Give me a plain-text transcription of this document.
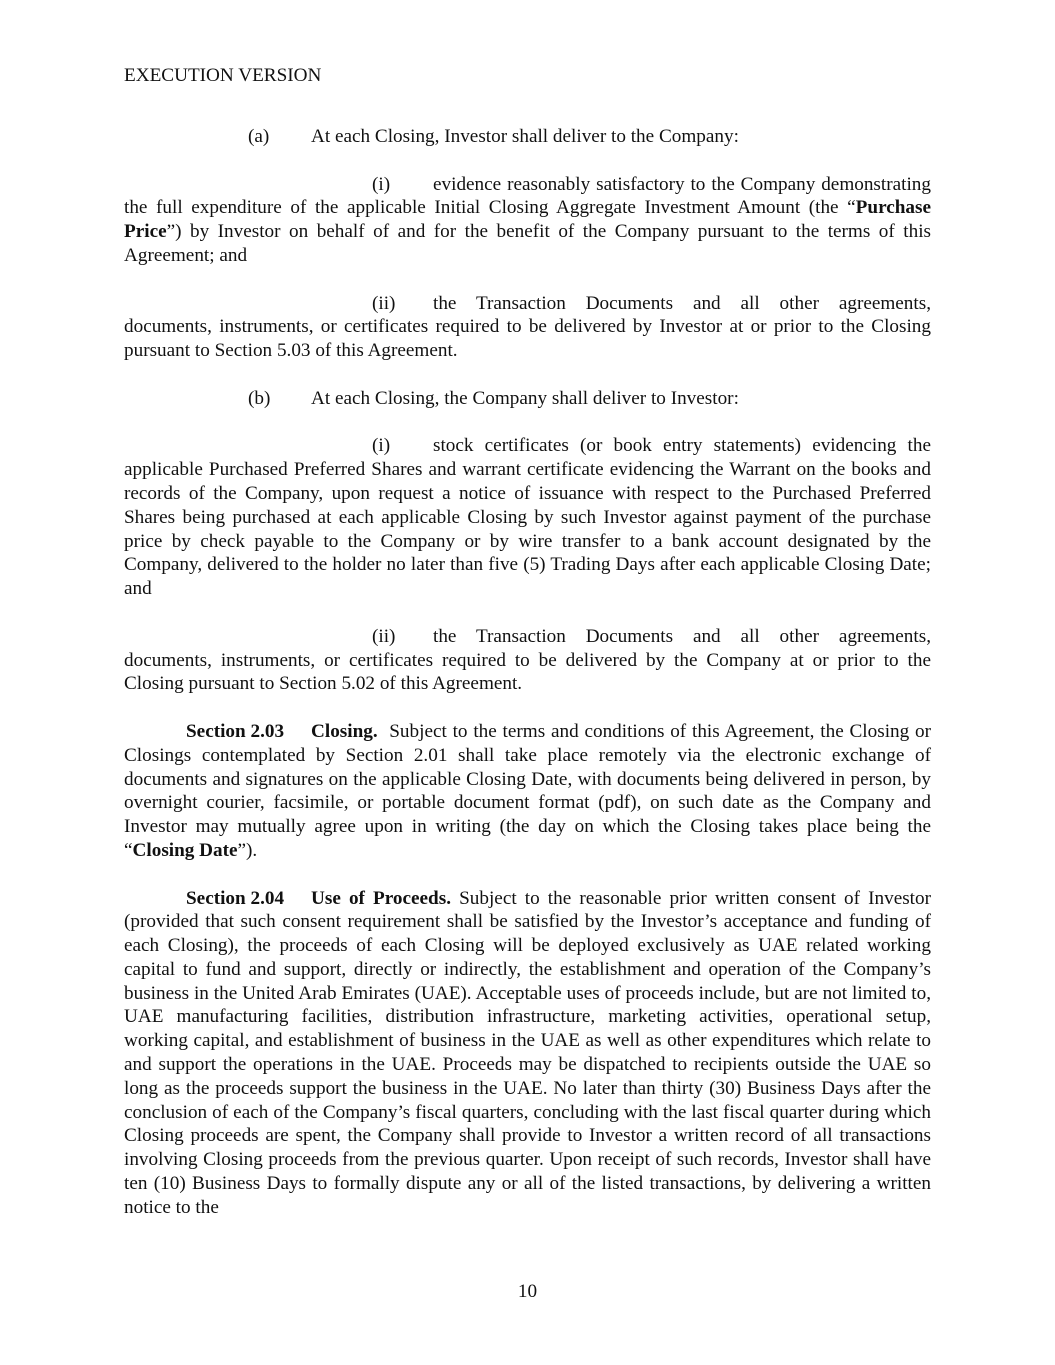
EXECUTION VERSION

(a) At each Closing, Investor shall deliver to the Company:

(i) evidence reasonably satisfactory to the Company demonstrating the full expenditure of the applicable Initial Closing Aggregate Investment Amount (the “Purchase Price”) by Investor on behalf of and for the benefit of the Company pursuant to the terms of this Agreement; and

(ii) the Transaction Documents and all other agreements, documents, instruments, or certificates required to be delivered by Investor at or prior to the Closing pursuant to Section 5.03 of this Agreement.

(b) At each Closing, the Company shall deliver to Investor:

(i) stock certificates (or book entry statements) evidencing the applicable Purchased Preferred Shares and warrant certificate evidencing the Warrant on the books and records of the Company, upon request a notice of issuance with respect to the Purchased Preferred Shares being purchased at each applicable Closing by such Investor against payment of the purchase price by check payable to the Company or by wire transfer to a bank account designated by the Company, delivered to the holder no later than five (5) Trading Days after each applicable Closing Date; and

(ii) the Transaction Documents and all other agreements, documents, instruments, or certificates required to be delivered by the Company at or prior to the Closing pursuant to Section 5.02 of this Agreement.

Section 2.03 Closing. Subject to the terms and conditions of this Agreement, the Closing or Closings contemplated by Section 2.01 shall take place remotely via the electronic exchange of documents and signatures on the applicable Closing Date, with documents being delivered in person, by overnight courier, facsimile, or portable document format (pdf), on such date as the Company and Investor may mutually agree upon in writing (the day on which the Closing takes place being the “Closing Date”).

Section 2.04 Use of Proceeds. Subject to the reasonable prior written consent of Investor (provided that such consent requirement shall be satisfied by the Investor’s acceptance and funding of each Closing), the proceeds of each Closing will be deployed exclusively as UAE related working capital to fund and support, directly or indirectly, the establishment and operation of the Company’s business in the United Arab Emirates (UAE). Acceptable uses of proceeds include, but are not limited to, UAE manufacturing facilities, distribution infrastructure, marketing activities, operational setup, working capital, and establishment of business in the UAE as well as other expenditures which relate to and support the operations in the UAE. Proceeds may be dispatched to recipients outside the UAE so long as the proceeds support the business in the UAE. No later than thirty (30) Business Days after the conclusion of each of the Company’s fiscal quarters, concluding with the last fiscal quarter during which Closing proceeds are spent, the Company shall provide to Investor a written record of all transactions involving Closing proceeds from the previous quarter. Upon receipt of such records, Investor shall have ten (10) Business Days to formally dispute any or all of the listed transactions, by delivering a written notice to the

10
